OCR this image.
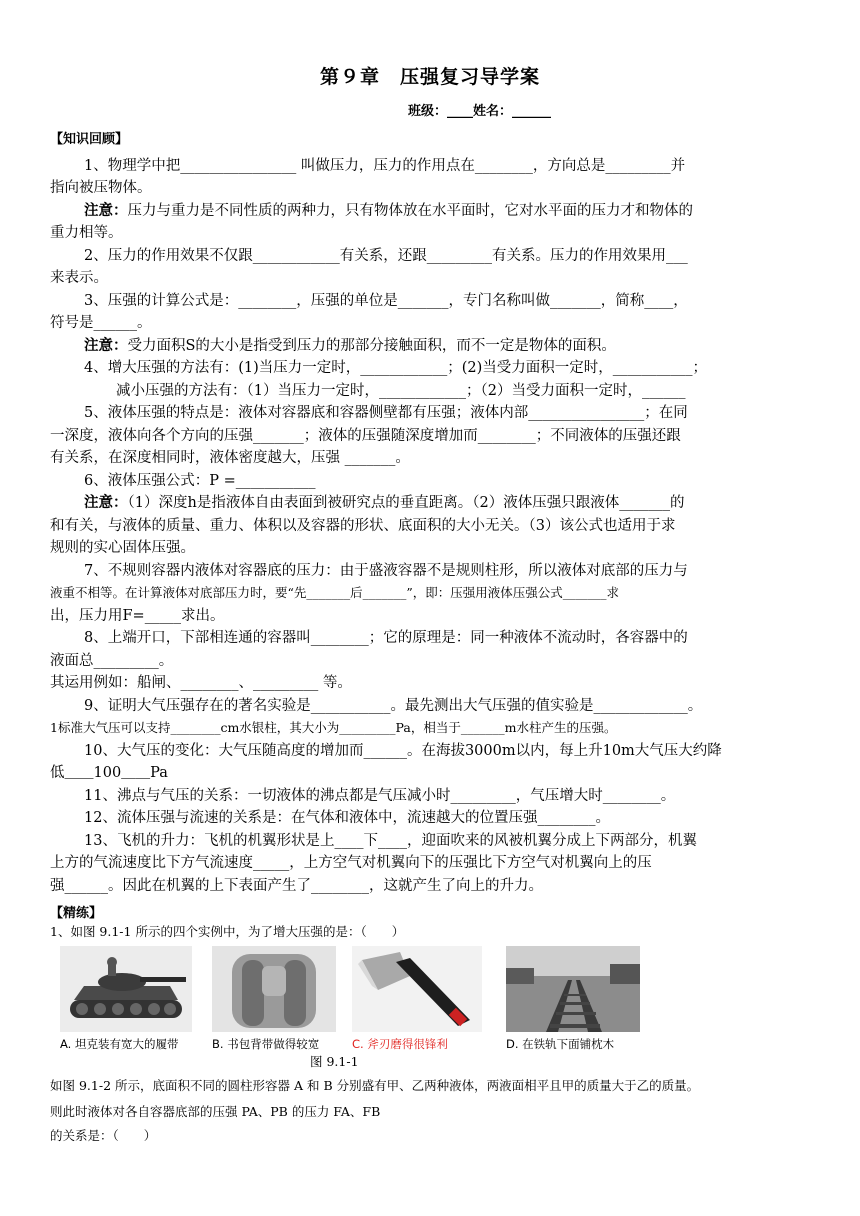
第９章　压强复习导学案
班级：____姓名：______
【知识回顾】
1、物理学中把________________ 叫做压力，压力的作用点在________，方向总是_________并
指向被压物体。
注意：压力与重力是不同性质的两种力，只有物体放在水平面时，它对水平面的压力才和物体的
重力相等。
2、压力的作用效果不仅跟____________有关系，还跟_________有关系。压力的作用效果用___
来表示。
3、压强的计算公式是：________，压强的单位是_______，专门名称叫做_______，简称____，
符号是______。
注意：受力面积S的大小是指受到压力的那部分接触面积，而不一定是物体的面积。
4、增大压强的方法有：(1)当压力一定时，____________；(2)当受力面积一定时，___________；
减小压强的方法有：（1）当压力一定时，____________；（2）当受力面积一定时，______
5、液体压强的特点是：液体对容器底和容器侧壁都有压强；液体内部________________；在同
一深度，液体向各个方向的压强_______；液体的压强随深度增加而________；不同液体的压强还跟
有关系，在深度相同时，液体密度越大，压强 _______。
6、液体压强公式：P =___________
注意：（1）深度h是指液体自由表面到被研究点的垂直距离。（2）液体压强只跟液体_______的
和有关，与液体的质量、重力、体积以及容器的形状、底面积的大小无关。（3）该公式也适用于求
规则的实心固体压强。
7、不规则容器内液体对容器底的压力：由于盛液容器不是规则柱形，所以液体对底部的压力与
液重不相等。在计算液体对底部压力时，要“先_______后_______”，即：压强用液体压强公式_______求
出，压力用F=_____求出。
8、上端开口，下部相连通的容器叫________；它的原理是：同一种液体不流动时，各容器中的
液面总_________。
其运用例如：船闸、________、_________ 等。
9、证明大气压强存在的著名实验是___________。最先测出大气压强的值实验是_____________。
1标准大气压可以支持________cm水银柱，其大小为_________Pa，相当于_______m水柱产生的压强。
10、大气压的变化：大气压随高度的增加而______。在海拔3000m以内，每上升10m大气压大约降
低＿＿100＿＿Pa
11、沸点与气压的关系：一切液体的沸点都是气压减小时_________，气压增大时________。
12、流体压强与流速的关系是：在气体和液体中，流速越大的位置压强________。
13、飞机的升力：飞机的机翼形状是上____下____，迎面吹来的风被机翼分成上下两部分，机翼
上方的气流速度比下方气流速度_____，上方空气对机翼向下的压强比下方空气对机翼向上的压
强______。因此在机翼的上下表面产生了________，这就产生了向上的升力。
【精练】
1、如图 9.1-1 所示的四个实例中，为了增大压强的是：（　　）
A. 坦克装有宽大的履带	B. 书包背带做得较宽	C. 斧刃磨得很锋利	D. 在铁轨下面铺枕木
图 9.1-1
如图 9.1-2 所示，底面积不同的圆柱形容器 A 和 B 分别盛有甲、乙两种液体，两液面相平且甲的质量大于乙的质量。
则此时液体对各自容器底部的压强 PA、PB 的压力 FA、FB
的关系是：（　　）
